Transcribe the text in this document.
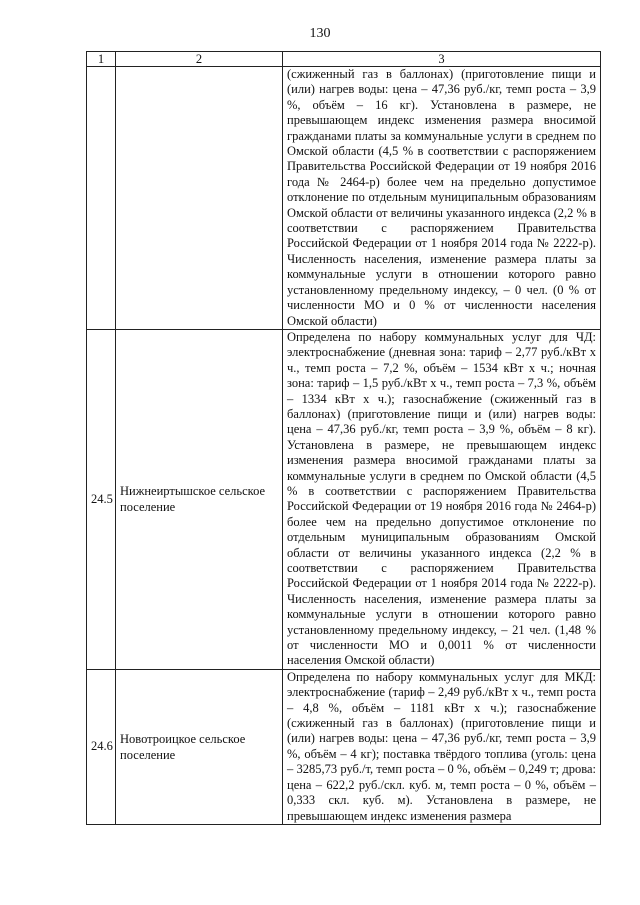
130
1	2	3
		(сжиженный газ в баллонах) (приготовление пищи и (или) нагрев воды: цена – 47,36 руб./кг, темп роста – 3,9 %, объём – 16 кг). Установлена в размере, не превышающем индекс изменения размера вносимой гражданами платы за коммунальные услуги в среднем по Омской области (4,5 % в соответствии с распоряжением Правительства Российской Федерации от 19 ноября 2016 года № 2464-р) более чем на предельно допустимое отклонение по отдельным муниципальным образованиям Омской области от величины указанного индекса (2,2 % в соответствии с распоряжением Правительства Российской Федерации от 1 ноября 2014 года № 2222-р). Численность населения, изменение размера платы за коммунальные услуги в отношении которого равно установленному предельному индексу, – 0 чел. (0 % от численности МО и 0 % от численности населения Омской области)
24.5	Нижнеиртышское сельское поселение	Определена по набору коммунальных услуг для ЧД: электроснабжение (дневная зона: тариф – 2,77 руб./кВт х ч., темп роста – 7,2 %, объём – 1534 кВт х ч.; ночная зона: тариф – 1,5 руб./кВт х ч., темп роста – 7,3 %, объём – 1334 кВт х ч.); газоснабжение (сжиженный газ в баллонах) (приготовление пищи и (или) нагрев воды: цена – 47,36 руб./кг, темп роста – 3,9 %, объём – 8 кг). Установлена в размере, не превышающем индекс изменения размера вносимой гражданами платы за коммунальные услуги в среднем по Омской области (4,5 % в соответствии с распоряжением Правительства Российской Федерации от 19 ноября 2016 года № 2464-р) более чем на предельно допустимое отклонение по отдельным муниципальным образованиям Омской области от величины указанного индекса (2,2 % в соответствии с распоряжением Правительства Российской Федерации от 1 ноября 2014 года № 2222-р). Численность населения, изменение размера платы за коммунальные услуги в отношении которого равно установленному предельному индексу, – 21 чел. (1,48 % от численности МО и 0,0011 % от численности населения Омской области)
24.6	Новотроицкое сельское поселение	Определена по набору коммунальных услуг для МКД: электроснабжение (тариф – 2,49 руб./кВт х ч., темп роста – 4,8 %, объём – 1181 кВт х ч.); газоснабжение (сжиженный газ в баллонах) (приготовление пищи и (или) нагрев воды: цена – 47,36 руб./кг, темп роста – 3,9 %, объём – 4 кг); поставка твёрдого топлива (уголь: цена – 3285,73 руб./т, темп роста – 0 %, объём – 0,249 т; дрова: цена – 622,2 руб./скл. куб. м, темп роста – 0 %, объём – 0,333 скл. куб. м). Установлена в размере, не превышающем индекс изменения размера
